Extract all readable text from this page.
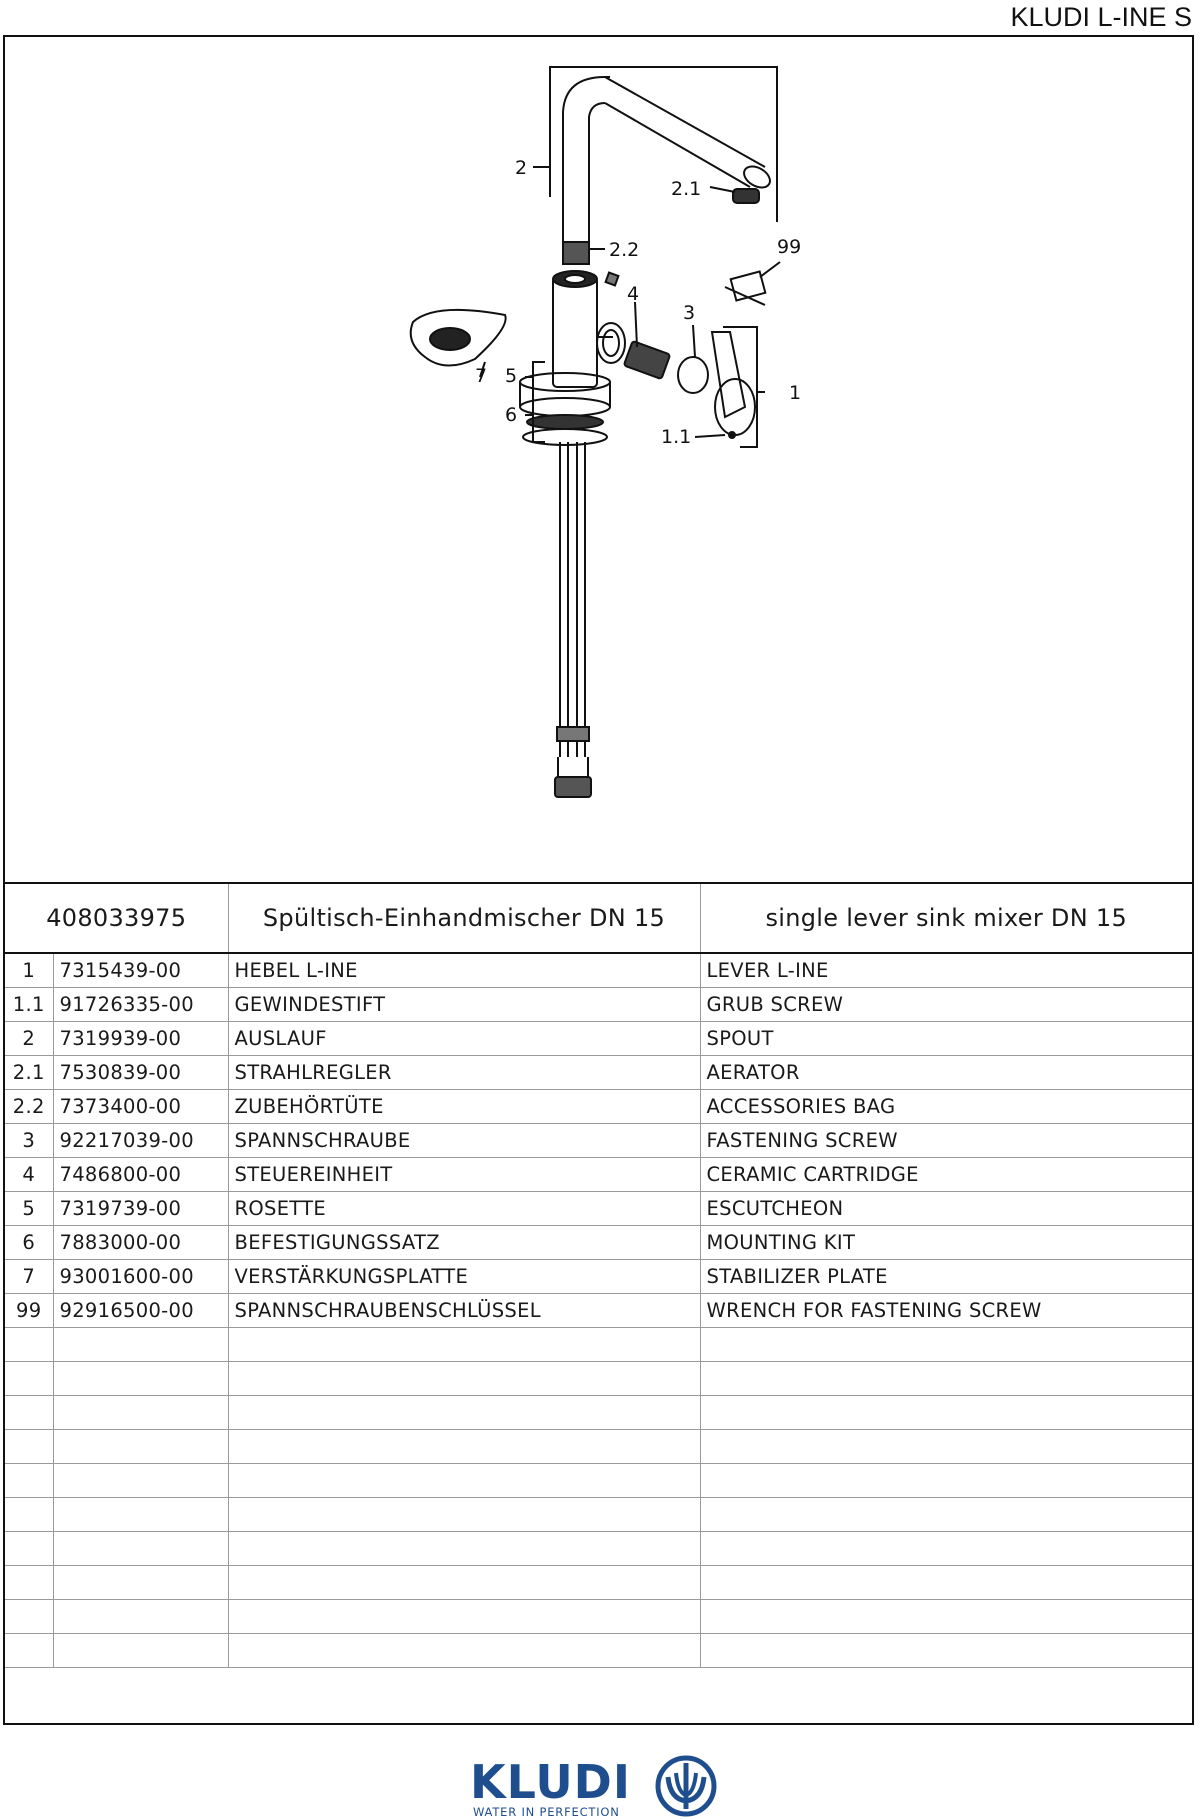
KLUDI L-INE S
2
2.1
2.2	99
4
3
7 5
6
1
1.1
408033975		Spültisch-Einhandmischer DN 15	single lever sink mixer DN 15
1	7315439-00	HEBEL L-INE	LEVER L-INE
1.1	91726335-00	GEWINDESTIFT	GRUB SCREW
2	7319939-00	AUSLAUF	SPOUT
2.1	7530839-00	STRAHLREGLER	AERATOR
2.2	7373400-00	ZUBEHÖRTÜTE	ACCESSORIES BAG
3	92217039-00	SPANNSCHRAUBE	FASTENING SCREW
4	7486800-00	STEUEREINHEIT	CERAMIC CARTRIDGE
5	7319739-00	ROSETTE	ESCUTCHEON
6	7883000-00	BEFESTIGUNGSSATZ	MOUNTING KIT
7	93001600-00	VERSTÄRKUNGSPLATTE	STABILIZER PLATE
99	92916500-00	SPANNSCHRAUBENSCHLÜSSEL	WRENCH FOR FASTENING SCREW

KLUDI
WATER IN PERFECTION
